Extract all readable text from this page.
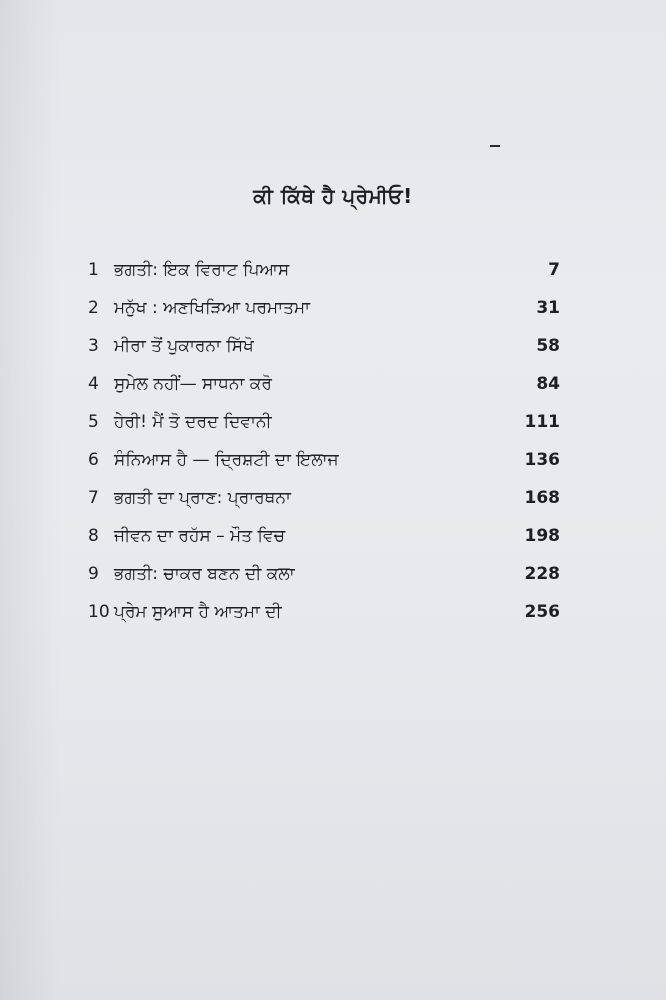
ਕੀ ਕਿੱਥੇ ਹੈ ਪ੍ਰੇਮੀਓ!
1 ਭਗਤੀ: ਇਕ ਵਿਰਾਟ ਪਿਆਸ	7
2 ਮਨੁੱਖ : ਅਣਖਿੜਿਆ ਪਰਮਾਤਮਾ	31
3 ਮੀਰਾ ਤੋਂ ਪੁਕਾਰਨਾ ਸਿੱਖੋ	58
4 ਸੁਮੇਲ ਨਹੀਂ— ਸਾਧਨਾ ਕਰੋ	84
5 ਹੇਰੀ! ਮੈਂ ਤੋ ਦਰਦ ਦਿਵਾਨੀ	111
6 ਸੰਨਿਆਸ ਹੈ — ਦ੍ਰਿਸ਼ਟੀ ਦਾ ਇਲਾਜ	136
7 ਭਗਤੀ ਦਾ ਪ੍ਰਾਣ: ਪ੍ਰਾਰਥਨਾ	168
8 ਜੀਵਨ ਦਾ ਰਹੱਸ – ਮੌਤ ਵਿਚ	198
9 ਭਗਤੀ: ਚਾਕਰ ਬਣਨ ਦੀ ਕਲਾ	228
10 ਪ੍ਰੇਮ ਸੁਆਸ ਹੈ ਆਤਮਾ ਦੀ	256
